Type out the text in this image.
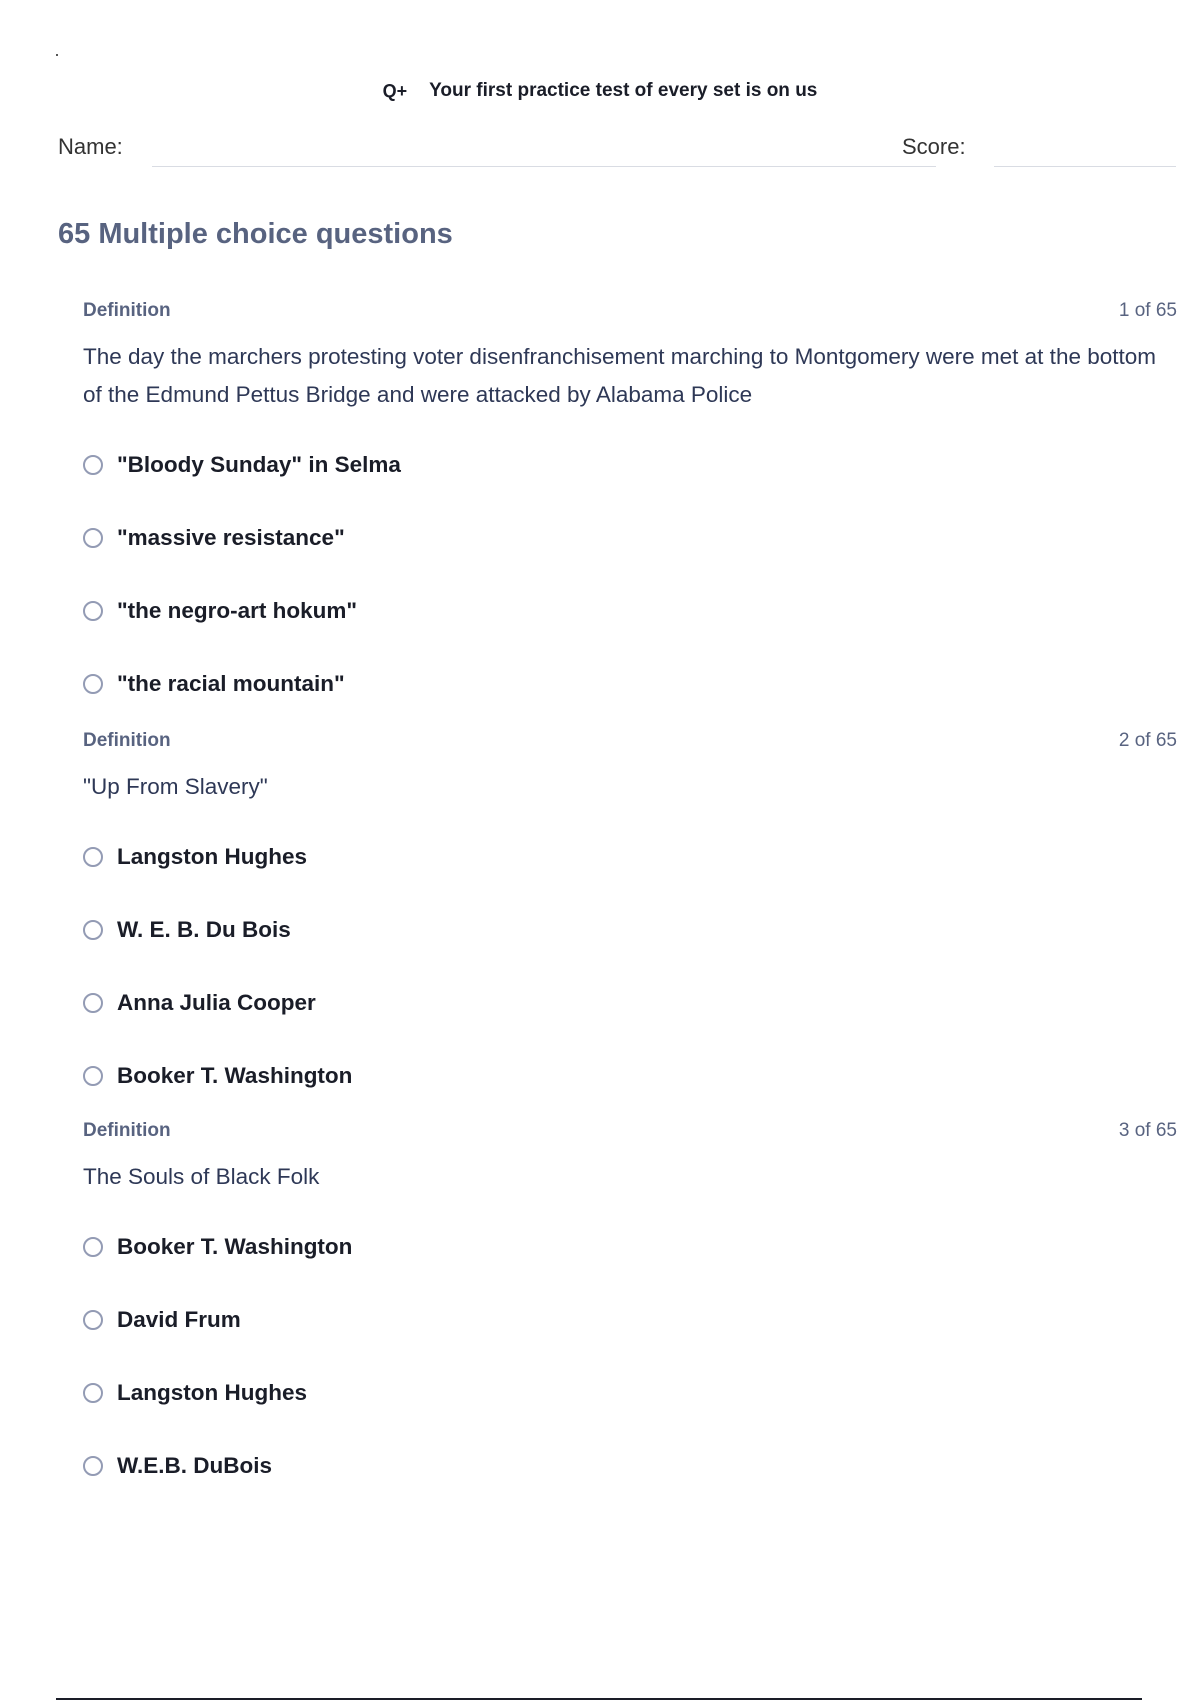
Q+ Your first practice test of every set is on us
Name:	Score:
65 Multiple choice questions
Definition	1 of 65
The day the marchers protesting voter disenfranchisement marching to Montgomery were met at the bottom of the Edmund Pettus Bridge and were attacked by Alabama Police
"Bloody Sunday" in Selma
"massive resistance"
"the negro-art hokum"
"the racial mountain"
Definition	2 of 65
"Up From Slavery"
Langston Hughes
W. E. B. Du Bois
Anna Julia Cooper
Booker T. Washington
Definition	3 of 65
The Souls of Black Folk
Booker T. Washington
David Frum
Langston Hughes
W.E.B. DuBois
